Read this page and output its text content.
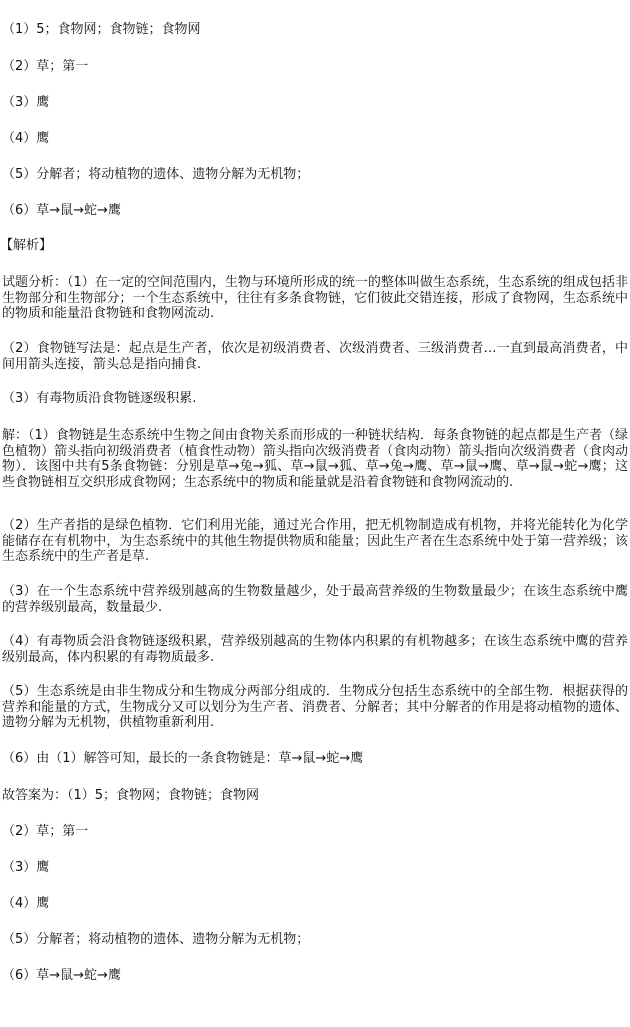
（1）5；食物网；食物链；食物网
（2）草；第一
（3）鹰
（4）鹰
（5）分解者；将动植物的遗体、遗物分解为无机物；
（6）草→鼠→蛇→鹰
【解析】
试题分析：（1）在一定的空间范围内，生物与环境所形成的统一的整体叫做生态系统，生态系统的组成包括非生物部分和生物部分；一个生态系统中，往往有多条食物链，它们彼此交错连接，形成了食物网，生态系统中的物质和能量沿食物链和食物网流动.
（2）食物链写法是：起点是生产者，依次是初级消费者、次级消费者、三级消费者…一直到最高消费者，中间用箭头连接，箭头总是指向捕食.
（3）有毒物质沿食物链逐级积累.
解：（1）食物链是生态系统中生物之间由食物关系而形成的一种链状结构．每条食物链的起点都是生产者（绿色植物）箭头指向初级消费者（植食性动物）箭头指向次级消费者（食肉动物）箭头指向次级消费者（食肉动物）．该图中共有5条食物链：分别是草→兔→狐、草→鼠→狐、草→兔→鹰、草→鼠→鹰、草→鼠→蛇→鹰；这些食物链相互交织形成食物网；生态系统中的物质和能量就是沿着食物链和食物网流动的.
（2）生产者指的是绿色植物．它们利用光能，通过光合作用，把无机物制造成有机物，并将光能转化为化学能储存在有机物中，为生态系统中的其他生物提供物质和能量；因此生产者在生态系统中处于第一营养级；该生态系统中的生产者是草.
（3）在一个生态系统中营养级别越高的生物数量越少，处于最高营养级的生物数量最少；在该生态系统中鹰的营养级别最高，数量最少.
（4）有毒物质会沿食物链逐级积累，营养级别越高的生物体内积累的有机物越多；在该生态系统中鹰的营养级别最高，体内积累的有毒物质最多.
（5）生态系统是由非生物成分和生物成分两部分组成的．生物成分包括生态系统中的全部生物．根据获得的营养和能量的方式，生物成分又可以划分为生产者、消费者、分解者；其中分解者的作用是将动植物的遗体、遗物分解为无机物，供植物重新利用.
（6）由（1）解答可知，最长的一条食物链是：草→鼠→蛇→鹰
故答案为：（1）5；食物网；食物链；食物网
（2）草；第一
（3）鹰
（4）鹰
（5）分解者；将动植物的遗体、遗物分解为无机物；
（6）草→鼠→蛇→鹰
